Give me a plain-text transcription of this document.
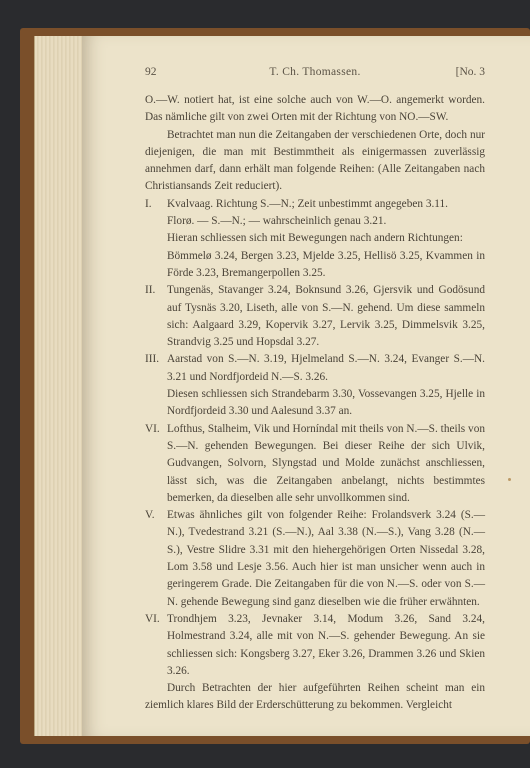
92	T. Ch. Thomassen.	[No. 3

O.—W. notiert hat, ist eine solche auch von W.—O. angemerkt worden. Das nämliche gilt von zwei Orten mit der Richtung von NO.—SW.

Betrachtet man nun die Zeitangaben der verschiedenen Orte, doch nur diejenigen, die man mit Bestimmtheit als einigermassen zuverlässig annehmen darf, dann erhält man folgende Reihen: (Alle Zeitangaben nach Christiansands Zeit reduciert).

I.	Kvalvaag. Richtung S.—N.; Zeit unbestimmt angegeben 3.11.
Florø. — S.—N.; — wahrscheinlich genau 3.21.
Hieran schliessen sich mit Bewegungen nach andern Richtungen:
Bömmelø 3.24, Bergen 3.23, Mjelde 3.25, Hellisö 3.25, Kvammen in Förde 3.23, Bremangerpollen 3.25.
II.	Tungenäs, Stavanger 3.24, Boknsund 3.26, Gjersvik und Godösund auf Tysnäs 3.20, Liseth, alle von S.—N. gehend. Um diese sammeln sich: Aalgaard 3.29, Kopervik 3.27, Lervik 3.25, Dimmelsvik 3.25, Strandvig 3.25 und Hopsdal 3.27.
III. Aarstad von S.—N. 3.19, Hjelmeland S.—N. 3.24, Evanger S.—N. 3.21 und Nordfjordeid N.—S. 3.26.
Diesen schliessen sich Strandebarm 3.30, Vossevangen 3.25, Hjelle in Nordfjordeid 3.30 und Aalesund 3.37 an.
VI. Lofthus, Stalheim, Vik und Horníndal mit theils von N.—S. theils von S.—N. gehenden Bewegungen. Bei dieser Reihe der sich Ulvik, Gudvangen, Solvorn, Slyngstad und Molde zunächst anschliessen, lässt sich, was die Zeitangaben anbelangt, nichts bestimmtes bemerken, da dieselben alle sehr unvollkommen sind.
V.	Etwas ähnliches gilt von folgender Reihe: Frolandsverk 3.24 (S.—N.), Tvedestrand 3.21 (S.—N.), Aal 3.38 (N.—S.), Vang 3.28 (N.—S.), Vestre Slidre 3.31 mit den hiehergehörigen Orten Nissedal 3.28, Lom 3.58 und Lesje 3.56. Auch hier ist man unsicher wenn auch in geringerem Grade. Die Zeitangaben für die von N.—S. oder von S.—N. gehende Bewegung sind ganz dieselben wie die früher erwähnten.
VI. Trondhjem 3.23, Jevnaker 3.14, Modum 3.26, Sand 3.24, Holmestrand 3.24, alle mit von N.—S. gehender Bewegung. An sie schliessen sich: Kongsberg 3.27, Eker 3.26, Drammen 3.26 und Skien 3.26.

Durch Betrachten der hier aufgeführten Reihen scheint man ein ziemlich klares Bild der Erderschütterung zu bekommen. Vergleicht
